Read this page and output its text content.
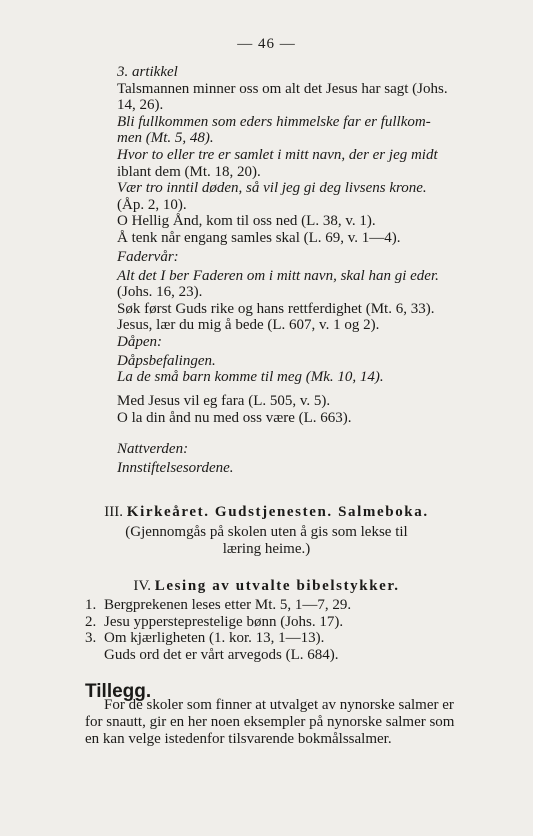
— 46 —
3. artikkel
Talsmannen minner oss om alt det Jesus har sagt (Johs.
14, 26).
Bli fullkommen som eders himmelske far er fullkom-
men (Mt. 5, 48).
Hvor to eller tre er samlet i mitt navn, der er jeg midt
iblant dem (Mt. 18, 20).
Vær tro inntil døden, så vil jeg gi deg livsens krone.
(Åp. 2, 10).
O Hellig Ånd, kom til oss ned (L. 38, v. 1).
Å tenk når engang samles skal (L. 69, v. 1—4).
Fadervår:
Alt det I ber Faderen om i mitt navn, skal han gi eder.
(Johs. 16, 23).
Søk først Guds rike og hans rettferdighet (Mt. 6, 33).
Jesus, lær du mig å bede (L. 607, v. 1 og 2).
Dåpen:
Dåpsbefalingen.
La de små barn komme til meg (Mk. 10, 14).
Med Jesus vil eg fara (L. 505, v. 5).
O la din ånd nu med oss være (L. 663).
Nattverden:
Innstiftelsesordene.
III. Kirkeåret. Gudstjenesten. Salmeboka.
(Gjennomgås på skolen uten å gis som lekse til
læring heime.)
IV. Lesing av utvalte bibelstykker.
1. Bergprekenen leses etter Mt. 5, 1—7, 29.
2. Jesu yppersteprestelige bønn (Johs. 17).
3. Om kjærligheten (1. kor. 13, 1—13).
Guds ord det er vårt arvegods (L. 684).
Tillegg.
For de skoler som finner at utvalget av nynorske salmer er
for snautt, gir en her noen eksempler på nynorske salmer som
en kan velge istedenfor tilsvarende bokmålssalmer.
